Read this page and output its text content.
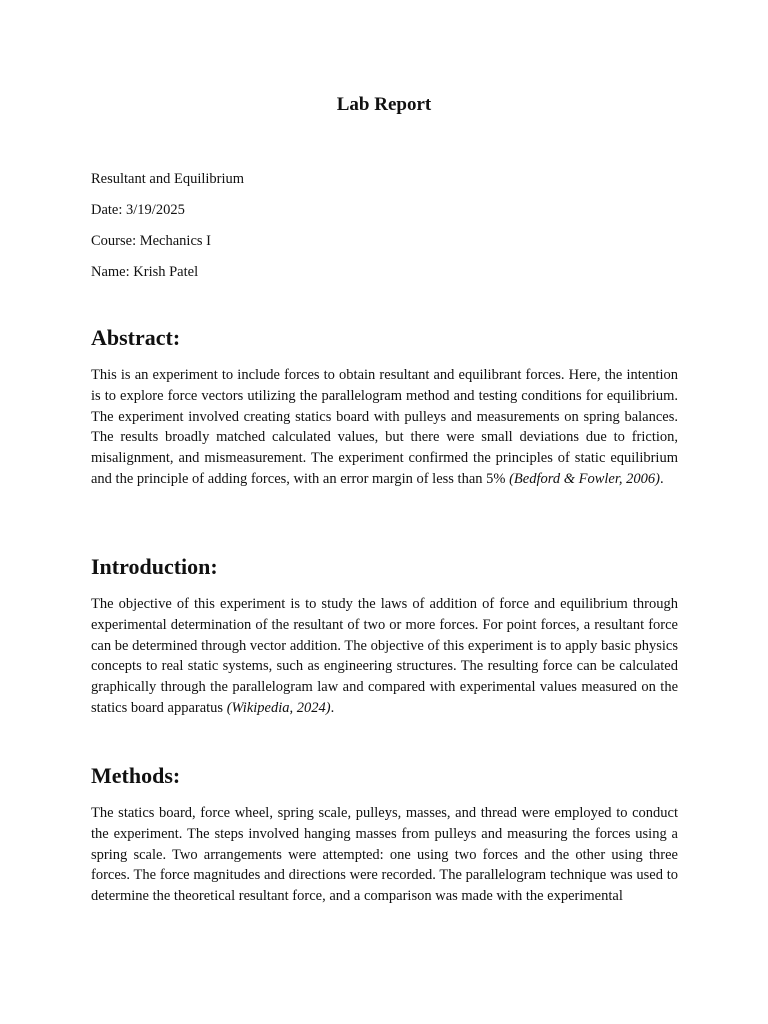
Lab Report
Resultant and Equilibrium
Date: 3/19/2025
Course: Mechanics I
Name: Krish Patel
Abstract:

This is an experiment to include forces to obtain resultant and equilibrant forces. Here, the intention is to explore force vectors utilizing the parallelogram method and testing conditions for equilibrium. The experiment involved creating statics board with pulleys and measurements on spring balances. The results broadly matched calculated values, but there were small deviations due to friction, misalignment, and mismeasurement. The experiment confirmed the principles of static equilibrium and the principle of adding forces, with an error margin of less than 5% (Bedford & Fowler, 2006).

Introduction:

The objective of this experiment is to study the laws of addition of force and equilibrium through experimental determination of the resultant of two or more forces. For point forces, a resultant force can be determined through vector addition. The objective of this experiment is to apply basic physics concepts to real static systems, such as engineering structures. The resulting force can be calculated graphically through the parallelogram law and compared with experimental values measured on the statics board apparatus (Wikipedia, 2024).

Methods:

The statics board, force wheel, spring scale, pulleys, masses, and thread were employed to conduct the experiment. The steps involved hanging masses from pulleys and measuring the forces using a spring scale. Two arrangements were attempted: one using two forces and the other using three forces. The force magnitudes and directions were recorded. The parallelogram technique was used to determine the theoretical resultant force, and a comparison was made with the experimental
